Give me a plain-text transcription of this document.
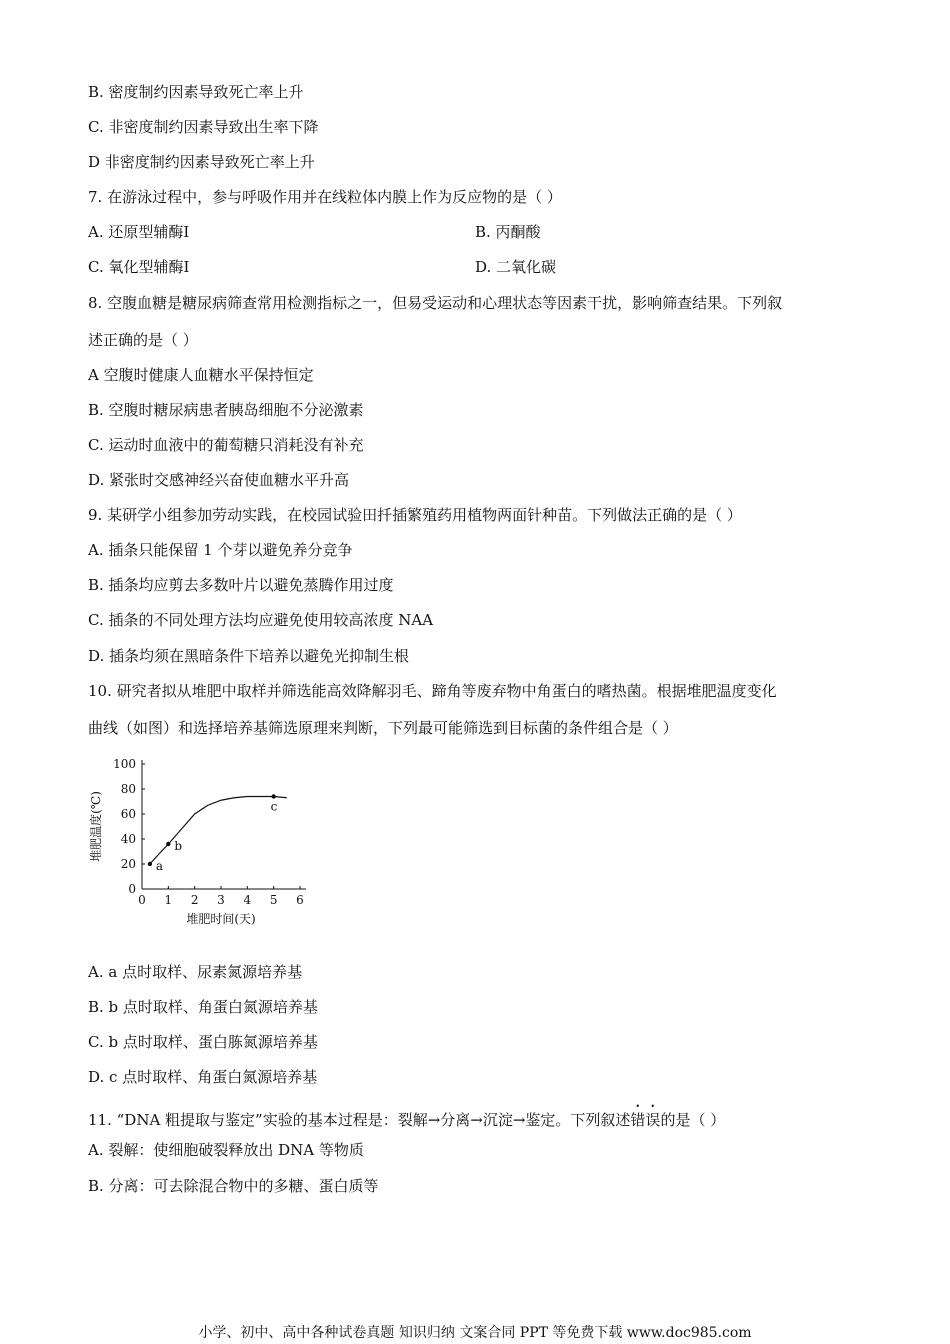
B. 密度制约因素导致死亡率上升
C. 非密度制约因素导致出生率下降
D 非密度制约因素导致死亡率上升
7. 在游泳过程中，参与呼吸作用并在线粒体内膜上作为反应物的是（ ）
A. 还原型辅酶Ⅰ	B. 丙酮酸
C. 氧化型辅酶Ⅰ	D. 二氧化碳
8. 空腹血糖是糖尿病筛查常用检测指标之一，但易受运动和心理状态等因素干扰，影响筛查结果。下列叙
述正确的是（ ）
A 空腹时健康人血糖水平保持恒定
B. 空腹时糖尿病患者胰岛细胞不分泌激素
C. 运动时血液中的葡萄糖只消耗没有补充
D. 紧张时交感神经兴奋使血糖水平升高
9. 某研学小组参加劳动实践，在校园试验田扦插繁殖药用植物两面针种苗。下列做法正确的是（ ）
A. 插条只能保留 1 个芽以避免养分竞争
B. 插条均应剪去多数叶片以避免蒸腾作用过度
C. 插条的不同处理方法均应避免使用较高浓度 NAA
D. 插条均须在黑暗条件下培养以避免光抑制生根
10. 研究者拟从堆肥中取样并筛选能高效降解羽毛、蹄角等废弃物中角蛋白的嗜热菌。根据堆肥温度变化
曲线（如图）和选择培养基筛选原理来判断，下列最可能筛选到目标菌的条件组合是（ ）
0
20
40
60
80
100
0 1 2 3 4 5 6
a
b
c
堆肥温度(℃)
堆肥时间(天)
A. a 点时取样、尿素氮源培养基
B. b 点时取样、角蛋白氮源培养基
C. b 点时取样、蛋白胨氮源培养基
D. c 点时取样、角蛋白氮源培养基
11. “DNA 粗提取与鉴定”实验的基本过程是：裂解→分离→沉淀→鉴定。下列叙述错误的是（ ）
A. 裂解：使细胞破裂释放出 DNA 等物质
B. 分离：可去除混合物中的多糖、蛋白质等
小学、初中、高中各种试卷真题 知识归纳 文案合同 PPT 等免费下载 www.doc985.com
